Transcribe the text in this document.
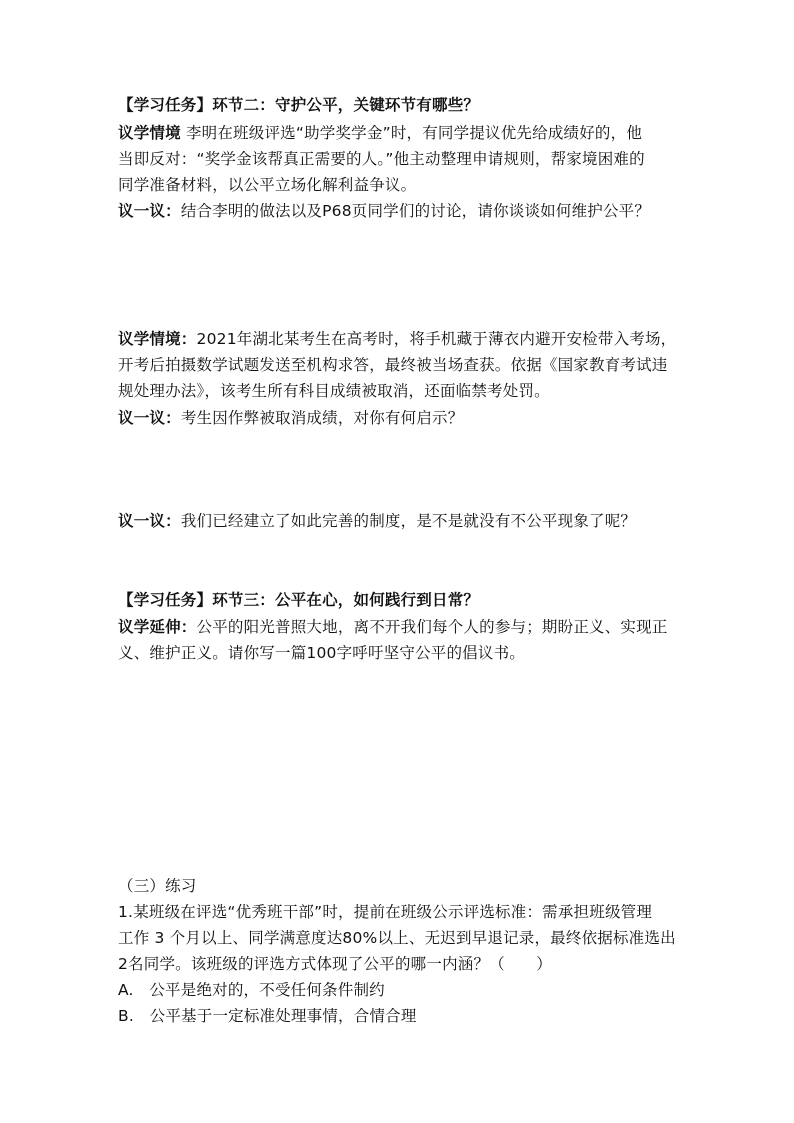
【学习任务】环节二：守护公平，关键环节有哪些？
议学情境 李明在班级评选“助学奖学金”时，有同学提议优先给成绩好的，他
当即反对：“奖学金该帮真正需要的人。”他主动整理申请规则，帮家境困难的
同学准备材料，以公平立场化解利益争议。
议一议：结合李明的做法以及P68页同学们的讨论，请你谈谈如何维护公平？
议学情境：2021年湖北某考生在高考时，将手机藏于薄衣内避开安检带入考场，
开考后拍摄数学试题发送至机构求答，最终被当场查获。依据《国家教育考试违
规处理办法》，该考生所有科目成绩被取消，还面临禁考处罚。
议一议：考生因作弊被取消成绩，对你有何启示？
议一议：我们已经建立了如此完善的制度，是不是就没有不公平现象了呢？
【学习任务】环节三：公平在心，如何践行到日常？
议学延伸：公平的阳光普照大地，离不开我们每个人的参与；期盼正义、实现正
义、维护正义。请你写一篇100字呼吁坚守公平的倡议书。
（三）练习
1.某班级在评选“优秀班干部”时，提前在班级公示评选标准：需承担班级管理
工作 3 个月以上、同学满意度达80%以上、无迟到早退记录，最终依据标准选出
2名同学。该班级的评选方式体现了公平的哪一内涵？（　　）
A.　公平是绝对的，不受任何条件制约
B.　公平基于一定标准处理事情，合情合理
